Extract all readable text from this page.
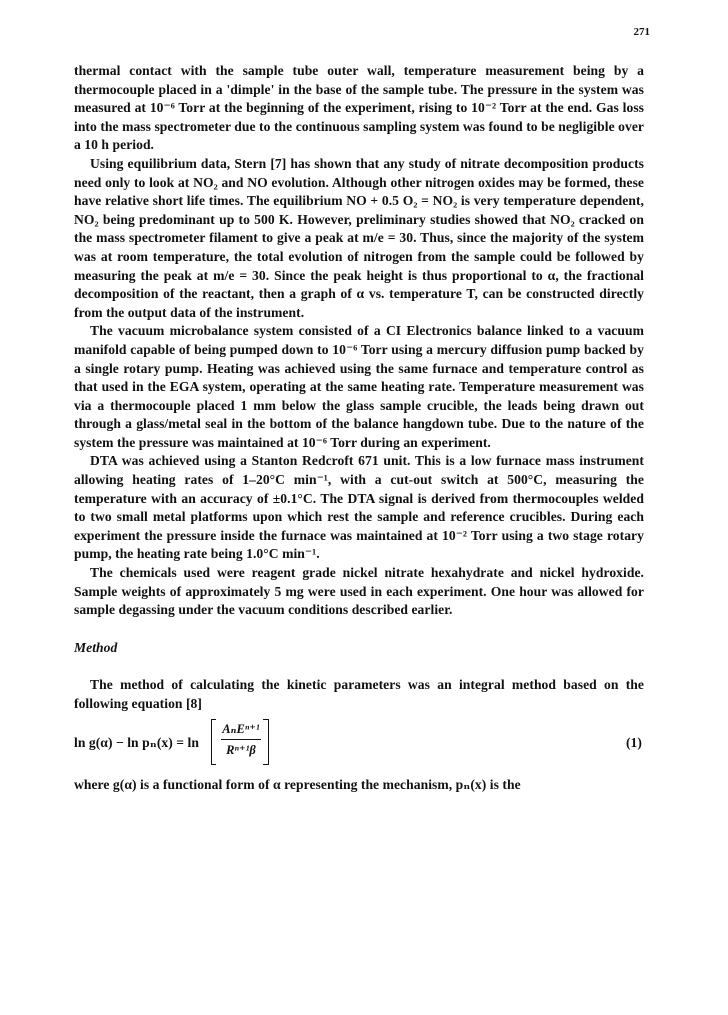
271

thermal contact with the sample tube outer wall, temperature measurement being by a thermocouple placed in a 'dimple' in the base of the sample tube. The pressure in the system was measured at 10⁻⁶ Torr at the beginning of the experiment, rising to 10⁻² Torr at the end. Gas loss into the mass spectrometer due to the continuous sampling system was found to be negligible over a 10 h period.

Using equilibrium data, Stern [7] has shown that any study of nitrate decomposition products need only to look at NO₂ and NO evolution. Although other nitrogen oxides may be formed, these have relative short life times. The equilibrium NO + 0.5 O₂ = NO₂ is very temperature dependent, NO₂ being predominant up to 500 K. However, preliminary studies showed that NO₂ cracked on the mass spectrometer filament to give a peak at m/e = 30. Thus, since the majority of the system was at room temperature, the total evolution of nitrogen from the sample could be followed by measuring the peak at m/e = 30. Since the peak height is thus proportional to α, the fractional decomposition of the reactant, then a graph of α vs. temperature T, can be constructed directly from the output data of the instrument.

The vacuum microbalance system consisted of a CI Electronics balance linked to a vacuum manifold capable of being pumped down to 10⁻⁶ Torr using a mercury diffusion pump backed by a single rotary pump. Heating was achieved using the same furnace and temperature control as that used in the EGA system, operating at the same heating rate. Temperature measurement was via a thermocouple placed 1 mm below the glass sample crucible, the leads being drawn out through a glass/metal seal in the bottom of the balance hangdown tube. Due to the nature of the system the pressure was maintained at 10⁻⁶ Torr during an experiment.

DTA was achieved using a Stanton Redcroft 671 unit. This is a low furnace mass instrument allowing heating rates of 1–20°C min⁻¹, with a cut-out switch at 500°C, measuring the temperature with an accuracy of ±0.1°C. The DTA signal is derived from thermocouples welded to two small metal platforms upon which rest the sample and reference crucibles. During each experiment the pressure inside the furnace was maintained at 10⁻² Torr using a two stage rotary pump, the heating rate being 1.0°C min⁻¹.

The chemicals used were reagent grade nickel nitrate hexahydrate and nickel hydroxide. Sample weights of approximately 5 mg were used in each experiment. One hour was allowed for sample degassing under the vacuum conditions described earlier.

Method

The method of calculating the kinetic parameters was an integral method based on the following equation [8]

ln g(α) − ln pₙ(x) = ln
AₙEⁿ⁺¹
Rⁿ⁺¹β	(1)

where g(α) is a functional form of α representing the mechanism, pₙ(x) is the
